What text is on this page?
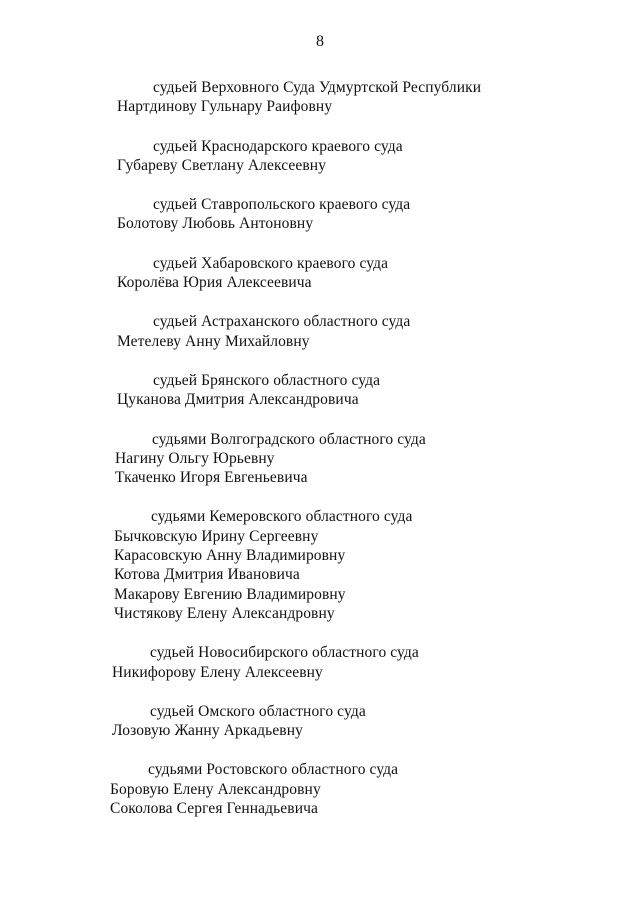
8
судьей Верховного Суда Удмуртской Республики
Нартдинову Гульнару Раифовну
судьей Краснодарского краевого суда
Губареву Светлану Алексеевну
судьей Ставропольского краевого суда
Болотову Любовь Антоновну
судьей Хабаровского краевого суда
Королёва Юрия Алексеевича
судьей Астраханского областного суда
Метелеву Анну Михайловну
судьей Брянского областного суда
Цуканова Дмитрия Александровича
судьями Волгоградского областного суда
Нагину Ольгу Юрьевну
Ткаченко Игоря Евгеньевича
судьями Кемеровского областного суда
Бычковскую Ирину Сергеевну
Карасовскую Анну Владимировну
Котова Дмитрия Ивановича
Макарову Евгению Владимировну
Чистякову Елену Александровну
судьей Новосибирского областного суда
Никифорову Елену Алексеевну
судьей Омского областного суда
Лозовую Жанну Аркадьевну
судьями Ростовского областного суда
Боровую Елену Александровну
Соколова Сергея Геннадьевича
